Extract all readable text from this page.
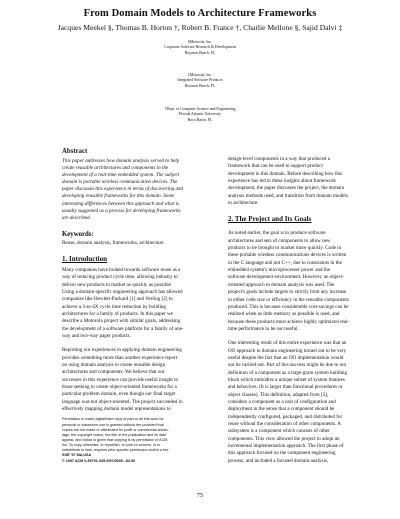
From Domain Models to Architecture Frameworks
Jacques Meekel §, Thomas B. Horton †, Robert B. France †, Charlie Mellone §, Sajid Dalvi ‡
§Motorola, Inc.
Corporate Software Research & Development
Boynton Beach, FL
‡Motorola, Inc.
Integrated Software Products
Boynton Beach, FL
†Dept. of Computer Science and Engineering
Florida Atlantic University
Boca Raton, FL
Abstract
This paper addresses how domain analysis served to help
create reusable architectures and components in the
development of a real-time embedded system. The subject
domain is portable wireless communication devices. The
paper discusses this experience in terms of discovering and
developing reusable frameworks for this domain. Some
interesting differences between this approach and what is
usually suggested as a process for developing frameworks
are described.
Keywords:
Reuse, domain analysis, frameworks, architecture.
1. Introduction
Many companies have looked towards software reuse as a
way of reducing product cycle time, allowing industry to
deliver new products to market as quickly as possible.
Using a domain-specific engineering approach has allowed
companies like Hewlett-Packard [1] and Verilog [2] to
achieve a 3-to-4X cycle time reduction by building
architectures for a family of products. In this paper we
describe a Motorola project with similar goals, addressing
the development of a software platform for a family of one-
way and two-way pager products.
Reporting our experiences in applying domain engineering
provides something more than another experience report
on using domain analysis to create reusable design
architectures and components. We believe that our
successes in this experience can provide useful insight to
those seeking to create object-oriented frameworks for a
particular problem domain, even though our final target
language was not object-oriented. The project succeeded in
effectively mapping domain model representations to
Permission to make digital/hard copy of part or all this work for
personal or classroom use is granted without fee provided that
copies are not made or distributed for profit or commercial advan-
tage, the copyright notice, the title of the publication and its date
appear, and notice is given that copying is by permission of ACM,
Inc. To copy otherwise, to republish, to post on servers, or to
redistribute to lists, requires prior specific permission and/or a fee.
SSR '97 MA,USA
© 1997 ACM 0-89791-945-9/97/0005...$3.50
design-level components in a way that produced a
framework that can be used to support product
development in this domain. Before describing how this
experience has led to these insights about framework
development, the paper discusses the project, the domain
analysis methods used, and transition from domain models
to architecture.
2. The Project and Its Goals
As noted earlier, the goal is to produce software
architectures and sets of components to allow new
products to be brought to market more quickly. Code in
these portable wireless communications devices is written
in the C language and not C++, due to constraints in the
embedded system's microprocessor power and the
software development environment. However, an object-
oriented approach to domain analysis was used. The
project's goals include targets to strictly limit any increase
in either code size or efficiency in the reusable components
produced. This is because considerable cost-savings can be
realized when as little memory as possible is used, and
because these products must achieve highly optimized real-
time performance to be successful.
One interesting result of this entire experience was that an
OO approach to domain engineering turned out to be very
useful despite the fact that an OO implementation would
not be carried out. Part of this success might be due to our
definition of a component as a large-grain system building
block which embodies a unique subset of system features
and behaviors. (It is larger than functional procedures or
object classes). This definition, adapted from [3],
considers a component as a unit of configuration and
deployment in the sense that a component should be
independently configured, packaged, and distributed for
reuse without the consideration of other components. A
subsystem is a component which consists of other
components. This view allowed the project to adopt an
incremental implementation approach. The first phase of
this approach focused on the component engineering
process, and included a focused domain analysis,
75
